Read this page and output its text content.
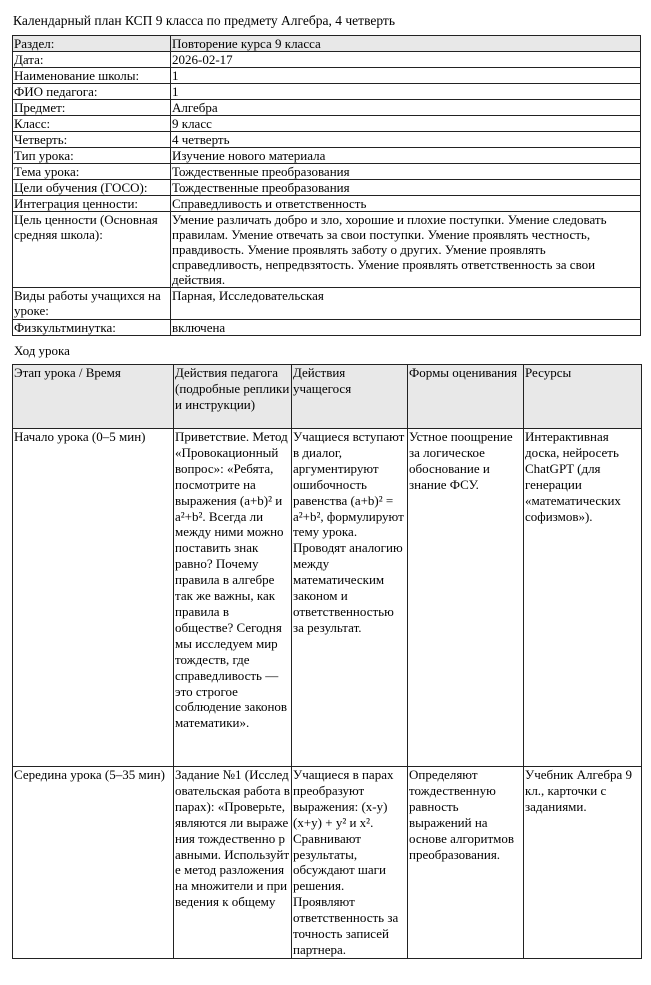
Календарный план КСП 9 класса по предмету Алгебра, 4 четверть
Раздел:	Повторение курса 9 класса
Дата:	2026-02-17
Наименование школы:	1
ФИО педагога:	1
Предмет:	Алгебра
Класс:	9 класс
Четверть:	4 четверть
Тип урока:	Изучение нового материала
Тема урока:	Тождественные преобразования
Цели обучения (ГОСО):	Тождественные преобразования
Интеграция ценности:	Справедливость и ответственность
Цель ценности (Основная средняя школа):	Умение различать добро и зло, хорошие и плохие поступки. Умение следовать правилам. Умение отвечать за свои поступки. Умение проявлять честность, правдивость. Умение проявлять заботу о других. Умение проявлять справедливость, непредвзятость. Умение проявлять ответственность за свои действия.
Виды работы учащихся на уроке:	Парная, Исследовательская
Физкультминутка:	включена
Ход урока
Этап урока / Время	Действия педагога (подробные реплики и инструкции)	Действия учащегося	Формы оценивания	Ресурсы
Начало урока (0–5 мин)	Приветствие. Метод «Провокационный вопрос»: «Ребята, посмотрите на выражения (a+b)² и a²+b². Всегда ли между ними можно поставить знак равно? Почему правила в алгебре так же важны, как правила в обществе? Сегодня мы исследуем мир тождеств, где справедливость — это строгое соблюдение законов математики».	Учащиеся вступают в диалог, аргументируют ошибочность равенства (a+b)² = a²+b², формулируют тему урока. Проводят аналогию между математическим законом и ответственностью за результат.	Устное поощрение за логическое обоснование и знание ФСУ.	Интерактивная доска, нейросеть ChatGPT (для генерации «математических софизмов»).
Середина урока (5–35 мин)	Задание №1 (Исследовательская работа в парах): «Проверьте, являются ли выражения тождественно равными. Используйте метод разложения на множители и приведения к общему	Учащиеся в парах преобразуют выражения: (x-y)(x+y) + y² и x². Сравнивают результаты, обсуждают шаги решения. Проявляют ответственность за точность записей партнера.	Определяют тождественную равность выражений на основе алгоритмов преобразования.	Учебник Алгебра 9 кл., карточки с заданиями.
